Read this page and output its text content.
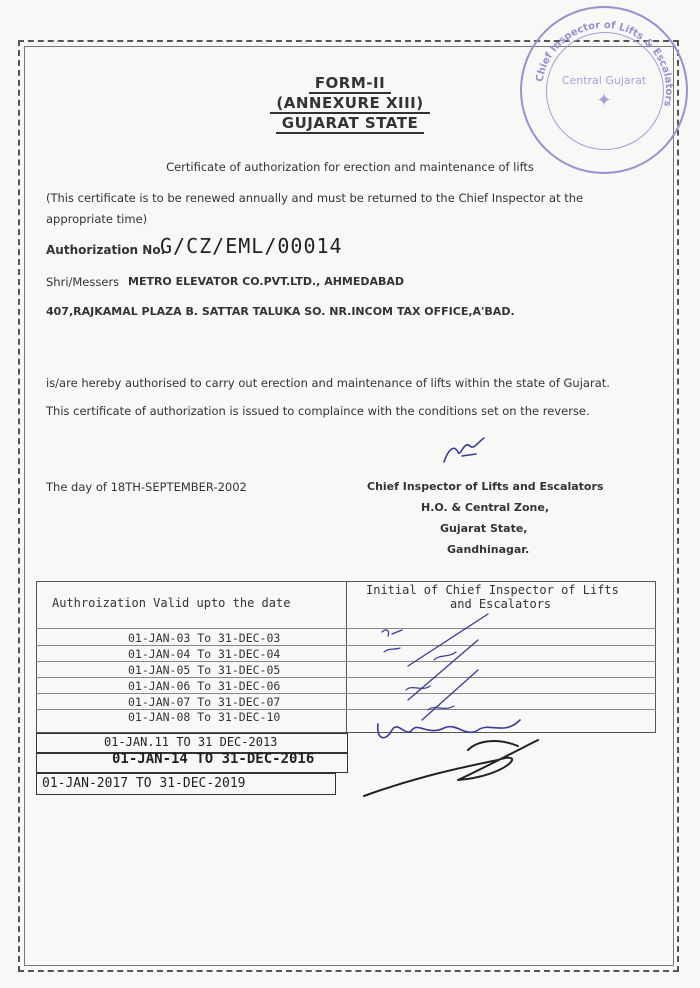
Chief Inspector of Lifts & Escalators
Central Gujarat
✦
FORM-II
(ANNEXURE XIII)
GUJARAT STATE
Certificate of authorization for erection and maintenance of lifts
(This certificate is to be renewed annually and must be returned to the Chief Inspector at the
appropriate time)
Authorization No.
G/CZ/EML/00014
Shri/Messers METRO ELEVATOR CO.PVT.LTD., AHMEDABAD
407,RAJKAMAL PLAZA B. SATTAR TALUKA SO. NR.INCOM TAX OFFICE,A'BAD.
is/are hereby authorised to carry out erection and maintenance of lifts within the state of Gujarat.
This certificate of authorization is issued to complaince with the conditions set on the reverse.
The day of 18TH-SEPTEMBER-2002	Chief Inspector of Lifts and Escalators
H.O. & Central Zone,
Gujarat State,
Gandhinagar.
Authroization Valid upto the date
Initial of Chief Inspector of Lifts
and Escalators
01-JAN-03 To 31-DEC-03
01-JAN-04 To 31-DEC-04
01-JAN-05 To 31-DEC-05
01-JAN-06 To 31-DEC-06
01-JAN-07 To 31-DEC-07
01-JAN-08 To 31-DEC-10
01-JAN.11 TO 31 DEC-2013
01-JAN-14 TO 31-DEC-2016
01-JAN-2017 TO 31-DEC-2019
